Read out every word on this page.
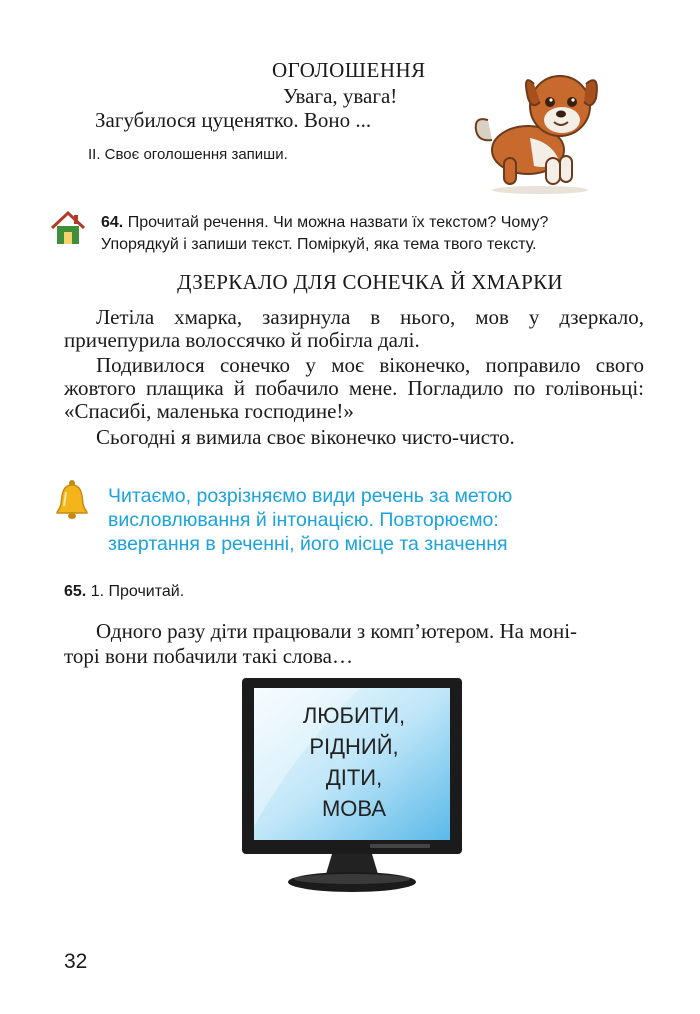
ОГОЛОШЕННЯ
Увага, увага!
Загубилося цуценятко. Воно ...
ІІ. Своє оголошення запиши.
64. Прочитай речення. Чи можна назвати їх текстом? Чому?
Упорядкуй і запиши текст. Поміркуй, яка тема твого тексту.
ДЗЕРКАЛО ДЛЯ СОНЕЧКА Й ХМАРКИ
Летіла хмарка, зазирнула в нього, мов у дзеркало, причепурила волоссячко й побігла далі.
Подивилося сонечко у моє віконечко, поправило свого жовтого плащика й побачило мене. Погладило по голівоньці: «Спасибі, маленька господине!»
Сьогодні я вимила своє віконечко чисто-чисто.
Читаємо, розрізняємо види речень за метою
висловлювання й інтонацією. Повторюємо:
звертання в реченні, його місце та значення
65. 1. Прочитай.
Одного разу діти працювали з комп’ютером. На моні-
торі вони побачили такі слова…
ЛЮБИТИ,
РІДНИЙ,
ДІТИ,
МОВА
32
